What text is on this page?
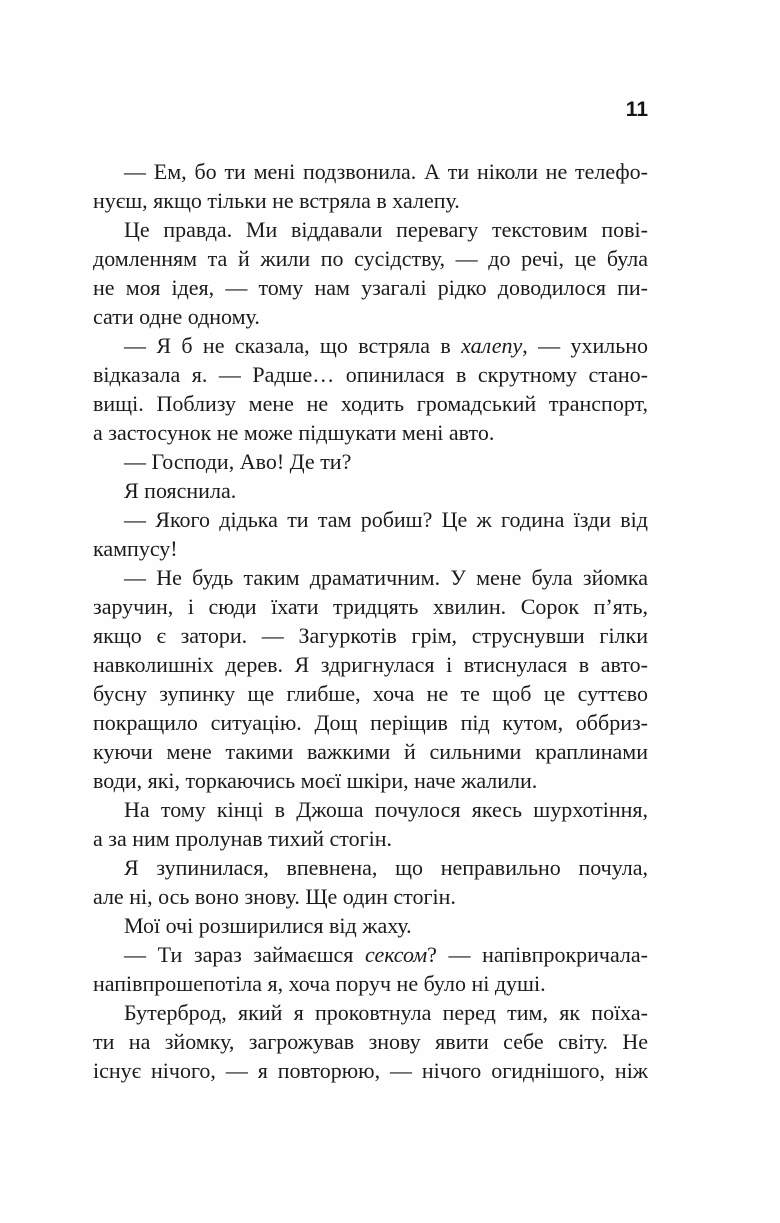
11
— Ем, бо ти мені подзвонила. А ти ніколи не телефо-
нуєш, якщо тільки не встряла в халепу.
Це правда. Ми віддавали перевагу текстовим пові-
домленням та й жили по сусідству, — до речі, це була
не моя ідея, — тому нам узагалі рідко доводилося пи-
сати одне одному.
— Я б не сказала, що встряла в халепу, — ухильно
відказала я. — Радше… опинилася в скрутному стано-
вищі. Поблизу мене не ходить громадський транспорт,
а застосунок не може підшукати мені авто.
— Господи, Аво! Де ти?
Я пояснила.
— Якого дідька ти там робиш? Це ж година їзди від
кампусу!
— Не будь таким драматичним. У мене була зйомка
заручин, і сюди їхати тридцять хвилин. Сорок п’ять,
якщо є затори. — Загуркотів грім, струснувши гілки
навколишніх дерев. Я здригнулася і втиснулася в авто-
бусну зупинку ще глибше, хоча не те щоб це суттєво
покращило ситуацію. Дощ періщив під кутом, оббриз-
куючи мене такими важкими й сильними краплинами
води, які, торкаючись моєї шкіри, наче жалили.
На тому кінці в Джоша почулося якесь шурхотіння,
а за ним пролунав тихий стогін.
Я зупинилася, впевнена, що неправильно почула,
але ні, ось воно знову. Ще один стогін.
Мої очі розширилися від жаху.
— Ти зараз займаєшся сексом? — напівпрокричала-
напівпрошепотіла я, хоча поруч не було ні душі.
Бутерброд, який я проковтнула перед тим, як поїха-
ти на зйомку, загрожував знову явити себе світу. Не
існує нічого, — я повторюю, — нічого огиднішого, ніж
